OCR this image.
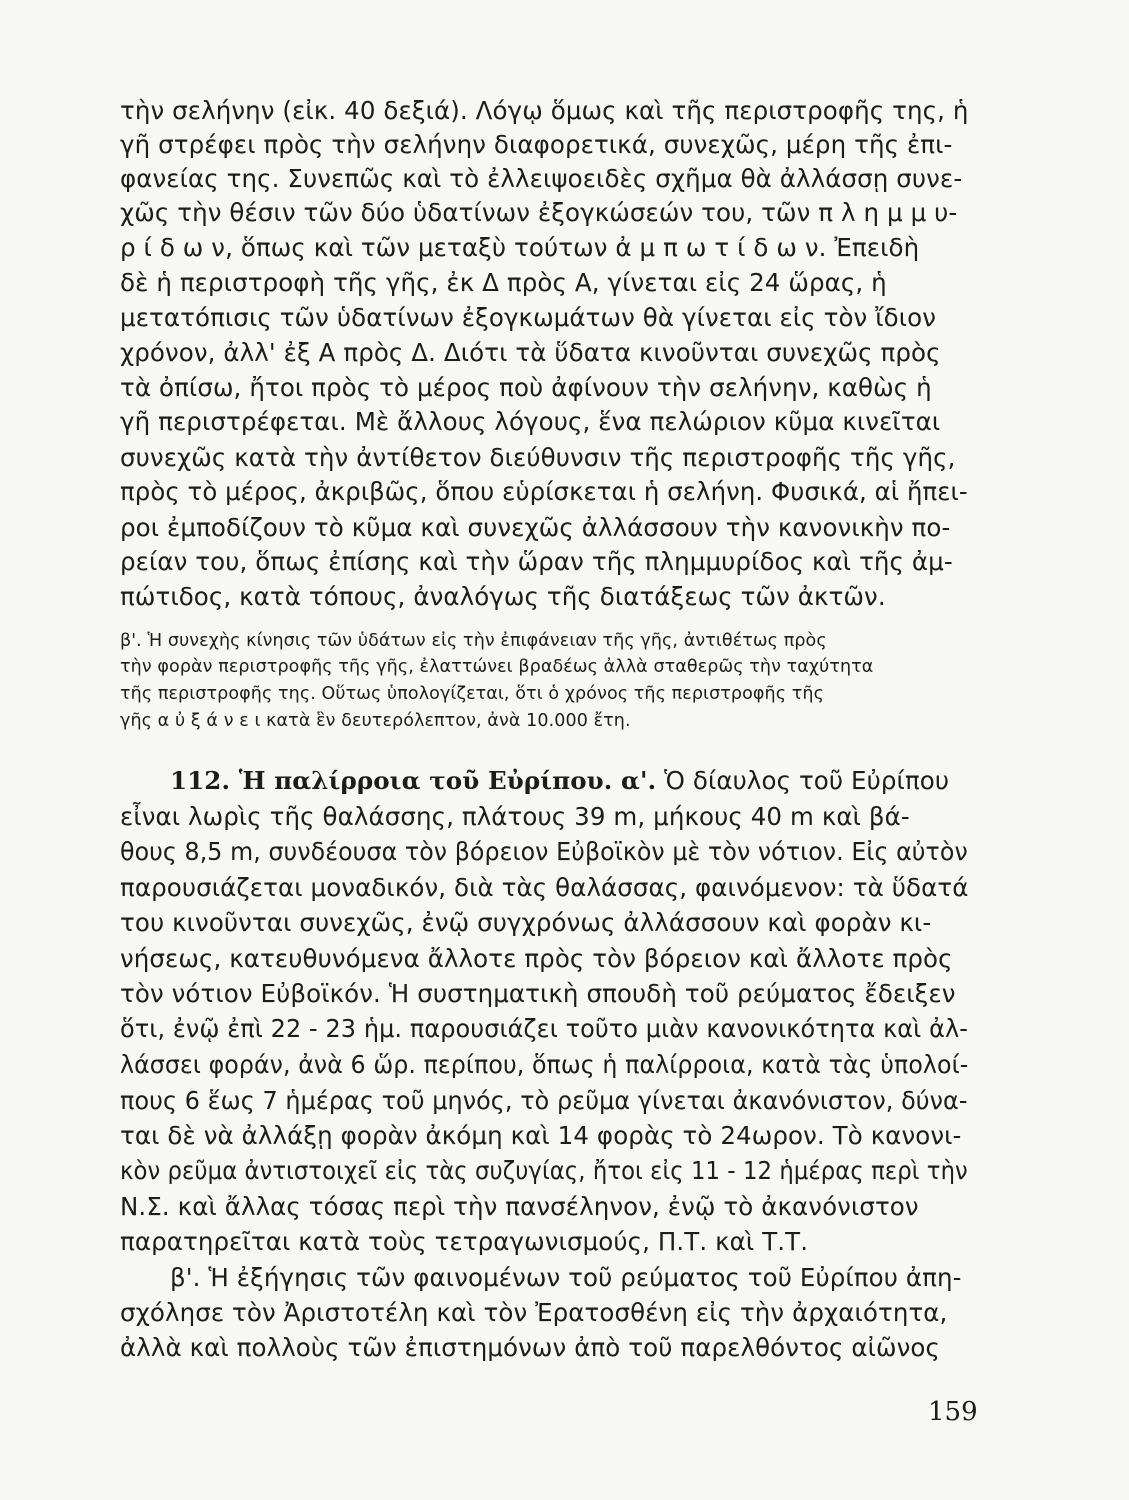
τὴν σελήνην (εἰκ. 40 δεξιά). Λόγῳ ὅμως καὶ τῆς περιστροφῆς της, ἡ
γῆ στρέφει πρὸς τὴν σελήνην διαφορετικά, συνεχῶς, μέρη τῆς ἐπι-
φανείας της. Συνεπῶς καὶ τὸ ἐλλειψοειδὲς σχῆμα θὰ ἀλλάσσῃ συνε-
χῶς τὴν θέσιν τῶν δύο ὑδατίνων ἐξογκώσεών του, τῶν π λ η μ μ υ-
ρ ί δ ω ν, ὅπως καὶ τῶν μεταξὺ τούτων ἀ μ π ω τ ί δ ω ν. Ἐπειδὴ
δὲ ἡ περιστροφὴ τῆς γῆς, ἐκ Δ πρὸς Α, γίνεται εἰς 24 ὥρας, ἡ
μετατόπισις τῶν ὑδατίνων ἐξογκωμάτων θὰ γίνεται εἰς τὸν ἴδιον
χρόνον, ἀλλ' ἐξ Α πρὸς Δ. Διότι τὰ ὕδατα κινοῦνται συνεχῶς πρὸς
τὰ ὀπίσω, ἤτοι πρὸς τὸ μέρος ποὺ ἀφίνουν τὴν σελήνην, καθὼς ἡ
γῆ περιστρέφεται. Μὲ ἄλλους λόγους, ἕνα πελώριον κῦμα κινεῖται
συνεχῶς κατὰ τὴν ἀντίθετον διεύθυνσιν τῆς περιστροφῆς τῆς γῆς,
πρὸς τὸ μέρος, ἀκριβῶς, ὅπου εὑρίσκεται ἡ σελήνη. Φυσικά, αἱ ἤπει-
ροι ἐμποδίζουν τὸ κῦμα καὶ συνεχῶς ἀλλάσσουν τὴν κανονικὴν πο-
ρείαν του, ὅπως ἐπίσης καὶ τὴν ὥραν τῆς πλημμυρίδος καὶ τῆς ἀμ-
πώτιδος, κατὰ τόπους, ἀναλόγως τῆς διατάξεως τῶν ἀκτῶν.
β'. Ἡ συνεχὴς κίνησις τῶν ὑδάτων εἰς τὴν ἐπιφάνειαν τῆς γῆς, ἀντιθέτως πρὸς
τὴν φορὰν περιστροφῆς τῆς γῆς, ἐλαττώνει βραδέως ἀλλὰ σταθερῶς τὴν ταχύτητα
τῆς περιστροφῆς της. Οὕτως ὑπολογίζεται, ὅτι ὁ χρόνος τῆς περιστροφῆς τῆς
γῆς α ὐ ξ ά ν ε ι κατὰ ἓν δευτερόλεπτον, ἀνὰ 10.000 ἔτη.
112. Ἡ παλίρροια τοῦ Εὐρίπου. α'. Ὁ δίαυλος τοῦ Εὐρίπου
εἶναι λωρὶς τῆς θαλάσσης, πλάτους 39 m, μήκους 40 m καὶ βά-
θους 8,5 m, συνδέουσα τὸν βόρειον Εὐβοϊκὸν μὲ τὸν νότιον. Εἰς αὐτὸν
παρουσιάζεται μοναδικόν, διὰ τὰς θαλάσσας, φαινόμενον: τὰ ὕδατά
του κινοῦνται συνεχῶς, ἐνῷ συγχρόνως ἀλλάσσουν καὶ φορὰν κι-
νήσεως, κατευθυνόμενα ἄλλοτε πρὸς τὸν βόρειον καὶ ἄλλοτε πρὸς
τὸν νότιον Εὐβοϊκόν. Ἡ συστηματικὴ σπουδὴ τοῦ ρεύματος ἔδειξεν
ὅτι, ἐνῷ ἐπὶ 22 - 23 ἡμ. παρουσιάζει τοῦτο μιὰν κανονικότητα καὶ ἀλ-
λάσσει φοράν, ἀνὰ 6 ὥρ. περίπου, ὅπως ἡ παλίρροια, κατὰ τὰς ὑπολοί-
πους 6 ἕως 7 ἡμέρας τοῦ μηνός, τὸ ρεῦμα γίνεται ἀκανόνιστον, δύνα-
ται δὲ νὰ ἀλλάξῃ φορὰν ἀκόμη καὶ 14 φορὰς τὸ 24ωρον. Τὸ κανονι-
κὸν ρεῦμα ἀντιστοιχεῖ εἰς τὰς συζυγίας, ἤτοι εἰς 11 - 12 ἡμέρας περὶ τὴν
Ν.Σ. καὶ ἄλλας τόσας περὶ τὴν πανσέληνον, ἐνῷ τὸ ἀκανόνιστον
παρατηρεῖται κατὰ τοὺς τετραγωνισμούς, Π.Τ. καὶ Τ.Τ.
β'. Ἡ ἐξήγησις τῶν φαινομένων τοῦ ρεύματος τοῦ Εὐρίπου ἀπη-
σχόλησε τὸν Ἀριστοτέλη καὶ τὸν Ἐρατοσθένη εἰς τὴν ἀρχαιότητα,
ἀλλὰ καὶ πολλοὺς τῶν ἐπιστημόνων ἀπὸ τοῦ παρελθόντος αἰῶνος
159
